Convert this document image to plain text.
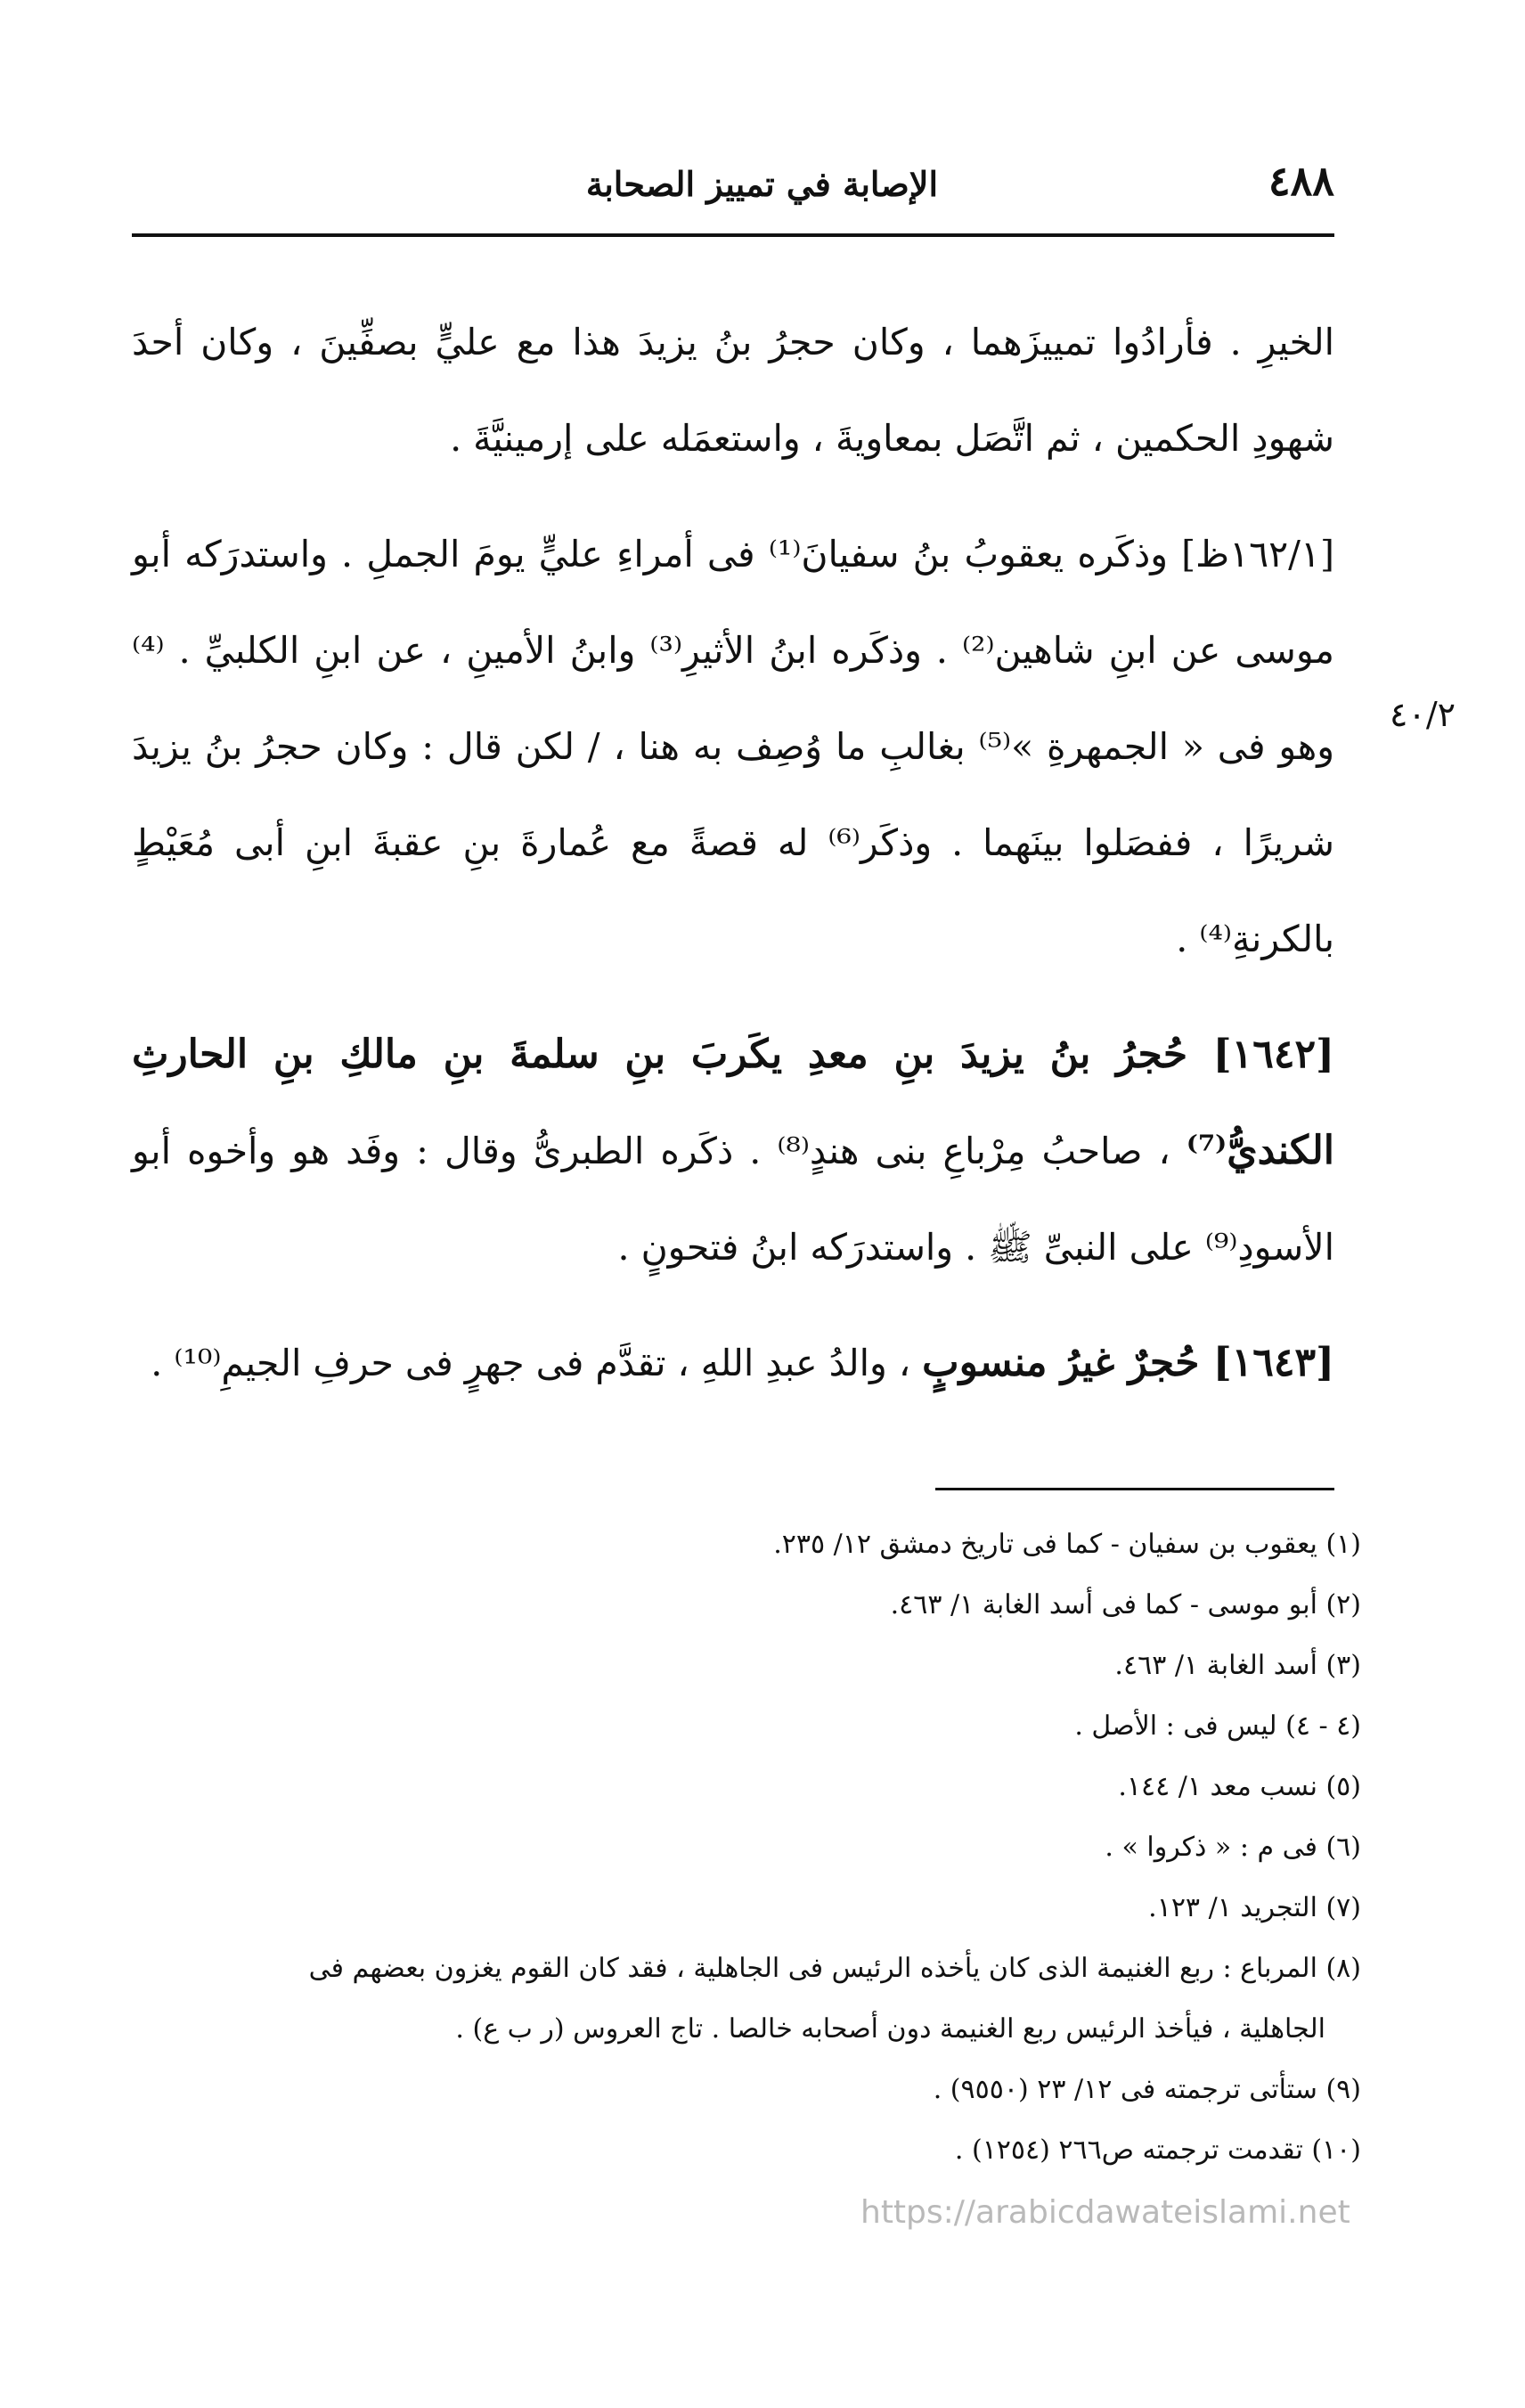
٤٨٨
الإصابة في تمييز الصحابة
٤٠/٢

الخيرِ . فأرادُوا تمييزَهما ، وكان حجرُ بنُ يزيدَ هذا مع عليٍّ بصفِّينَ ، وكان أحدَ شهودِ الحكمين ، ثم اتَّصَل بمعاويةَ ، واستعمَله على إرمينيَّةَ .

[١٦٢/١ظ] وذكَره يعقوبُ بنُ سفيانَ⁽¹⁾ فى أمراءِ عليٍّ يومَ الجملِ . واستدرَكه أبو موسى عن ابنِ شاهين⁽²⁾ . وذكَره ابنُ الأثيرِ⁽³⁾ وابنُ الأمينِ ، عن ابنِ الكلبيِّ . ⁽⁴⁾وهو فى « الجمهرةِ »⁽⁵⁾ بغالبِ ما وُصِف به هنا ، / لكن قال : وكان حجرُ بنُ يزيدَ شريرًا ، ففصَلوا بينَهما . وذكَر⁽⁶⁾ له قصةً مع عُمارةَ بنِ عقبةَ ابنِ أبى مُعَيْطٍ بالكرنةِ⁽⁴⁾ .

[١٦٤٢] حُجرُ بنُ يزيدَ بنِ معدِ يكَربَ بنِ سلمةَ بنِ مالكِ بنِ الحارثِ الكنديُّ⁽⁷⁾ ، صاحبُ مِرْباعِ بنى هندٍ⁽⁸⁾ . ذكَره الطبرىُّ وقال : وفَد هو وأخوه أبو الأسودِ⁽⁹⁾ على النبىِّ ﷺ . واستدرَكه ابنُ فتحونٍ .

[١٦٤٣] حُجرٌ غيرُ منسوبٍ ، والدُ عبدِ اللهِ ، تقدَّم فى جهرٍ فى حرفِ الجيمِ⁽¹⁰⁾ .

(١) يعقوب بن سفيان - كما فى تاريخ دمشق ١٢/ ٢٣٥.

(٢) أبو موسى - كما فى أسد الغابة ١/ ٤٦٣.

(٣) أسد الغابة ١/ ٤٦٣.

(٤ - ٤) ليس فى : الأصل .

(٥) نسب معد ١/ ١٤٤.

(٦) فى م : « ذكروا » .

(٧) التجريد ١/ ١٢٣.

(٨) المرباع : ربع الغنيمة الذى كان يأخذه الرئيس فى الجاهلية ، فقد كان القوم يغزون بعضهم فى

الجاهلية ، فيأخذ الرئيس ربع الغنيمة دون أصحابه خالصا . تاج العروس (ر ب ع) .

(٩) ستأتى ترجمته فى ١٢/ ٢٣ (٩٥٥٠) .

(١٠) تقدمت ترجمته ص٢٦٦ (١٢٥٤) .

https://arabicdawateislami.net
